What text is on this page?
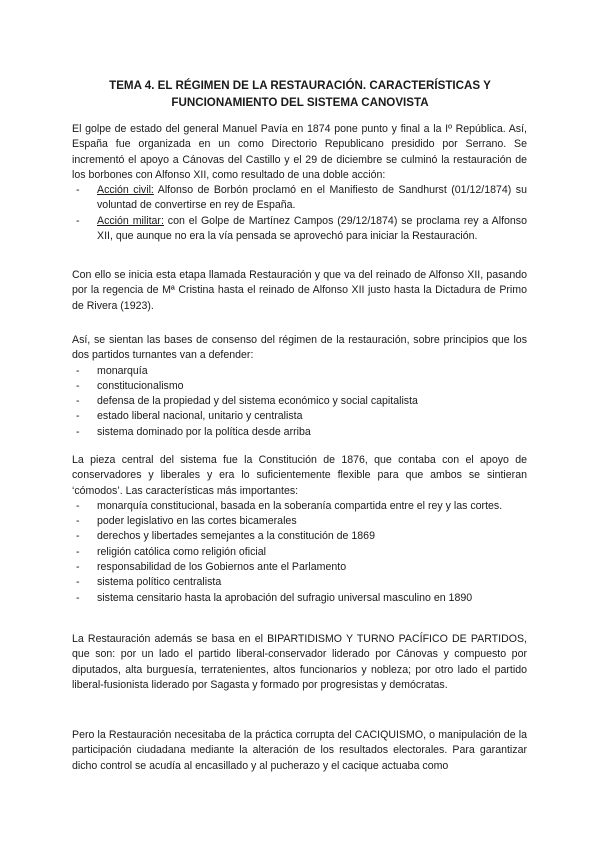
TEMA 4. EL RÉGIMEN DE LA RESTAURACIÓN. CARACTERÍSTICAS Y
FUNCIONAMIENTO DEL SISTEMA CANOVISTA

El golpe de estado del general Manuel Pavía en 1874 pone punto y final a la Iº República. Así, España fue organizada en un como Directorio Republicano presidido por Serrano. Se incrementó el apoyo a Cánovas del Castillo y el 29 de diciembre se culminó la restauración de los borbones con Alfonso XII, como resultado de una doble acción:

- Acción civil: Alfonso de Borbón proclamó en el Manifiesto de Sandhurst (01/12/1874) su voluntad de convertirse en rey de España.
- Acción militar: con el Golpe de Martínez Campos (29/12/1874) se proclama rey a Alfonso XII, que aunque no era la vía pensada se aprovechó para iniciar la Restauración.

Con ello se inicia esta etapa llamada Restauración y que va del reinado de Alfonso XII, pasando por la regencia de Mª Cristina hasta el reinado de Alfonso XII justo hasta la Dictadura de Primo de Rivera (1923).

Así, se sientan las bases de consenso del régimen de la restauración, sobre principios que los dos partidos turnantes van a defender:

- monarquía
- constitucionalismo
- defensa de la propiedad y del sistema económico y social capitalista
- estado liberal nacional, unitario y centralista
- sistema dominado por la política desde arriba

La pieza central del sistema fue la Constitución de 1876, que contaba con el apoyo de conservadores y liberales y era lo suficientemente flexible para que ambos se sintieran ‘cómodos’. Las características más importantes:

- monarquía constitucional, basada en la soberanía compartida entre el rey y las cortes.
- poder legislativo en las cortes bicamerales
- derechos y libertades semejantes a la constitución de 1869
- religión católica como religión oficial
- responsabilidad de los Gobiernos ante el Parlamento
- sistema político centralista
- sistema censitario hasta la aprobación del sufragio universal masculino en 1890

La Restauración además se basa en el BIPARTIDISMO Y TURNO PACÍFICO DE PARTIDOS, que son: por un lado el partido liberal-conservador liderado por Cánovas y compuesto por diputados, alta burguesía, terratenientes, altos funcionarios y nobleza; por otro lado el partido liberal-fusionista liderado por Sagasta y formado por progresistas y demócratas.

Pero la Restauración necesitaba de la práctica corrupta del CACIQUISMO, o manipulación de la participación ciudadana mediante la alteración de los resultados electorales. Para garantizar dicho control se acudía al encasillado y al pucherazo y el cacique actuaba como
